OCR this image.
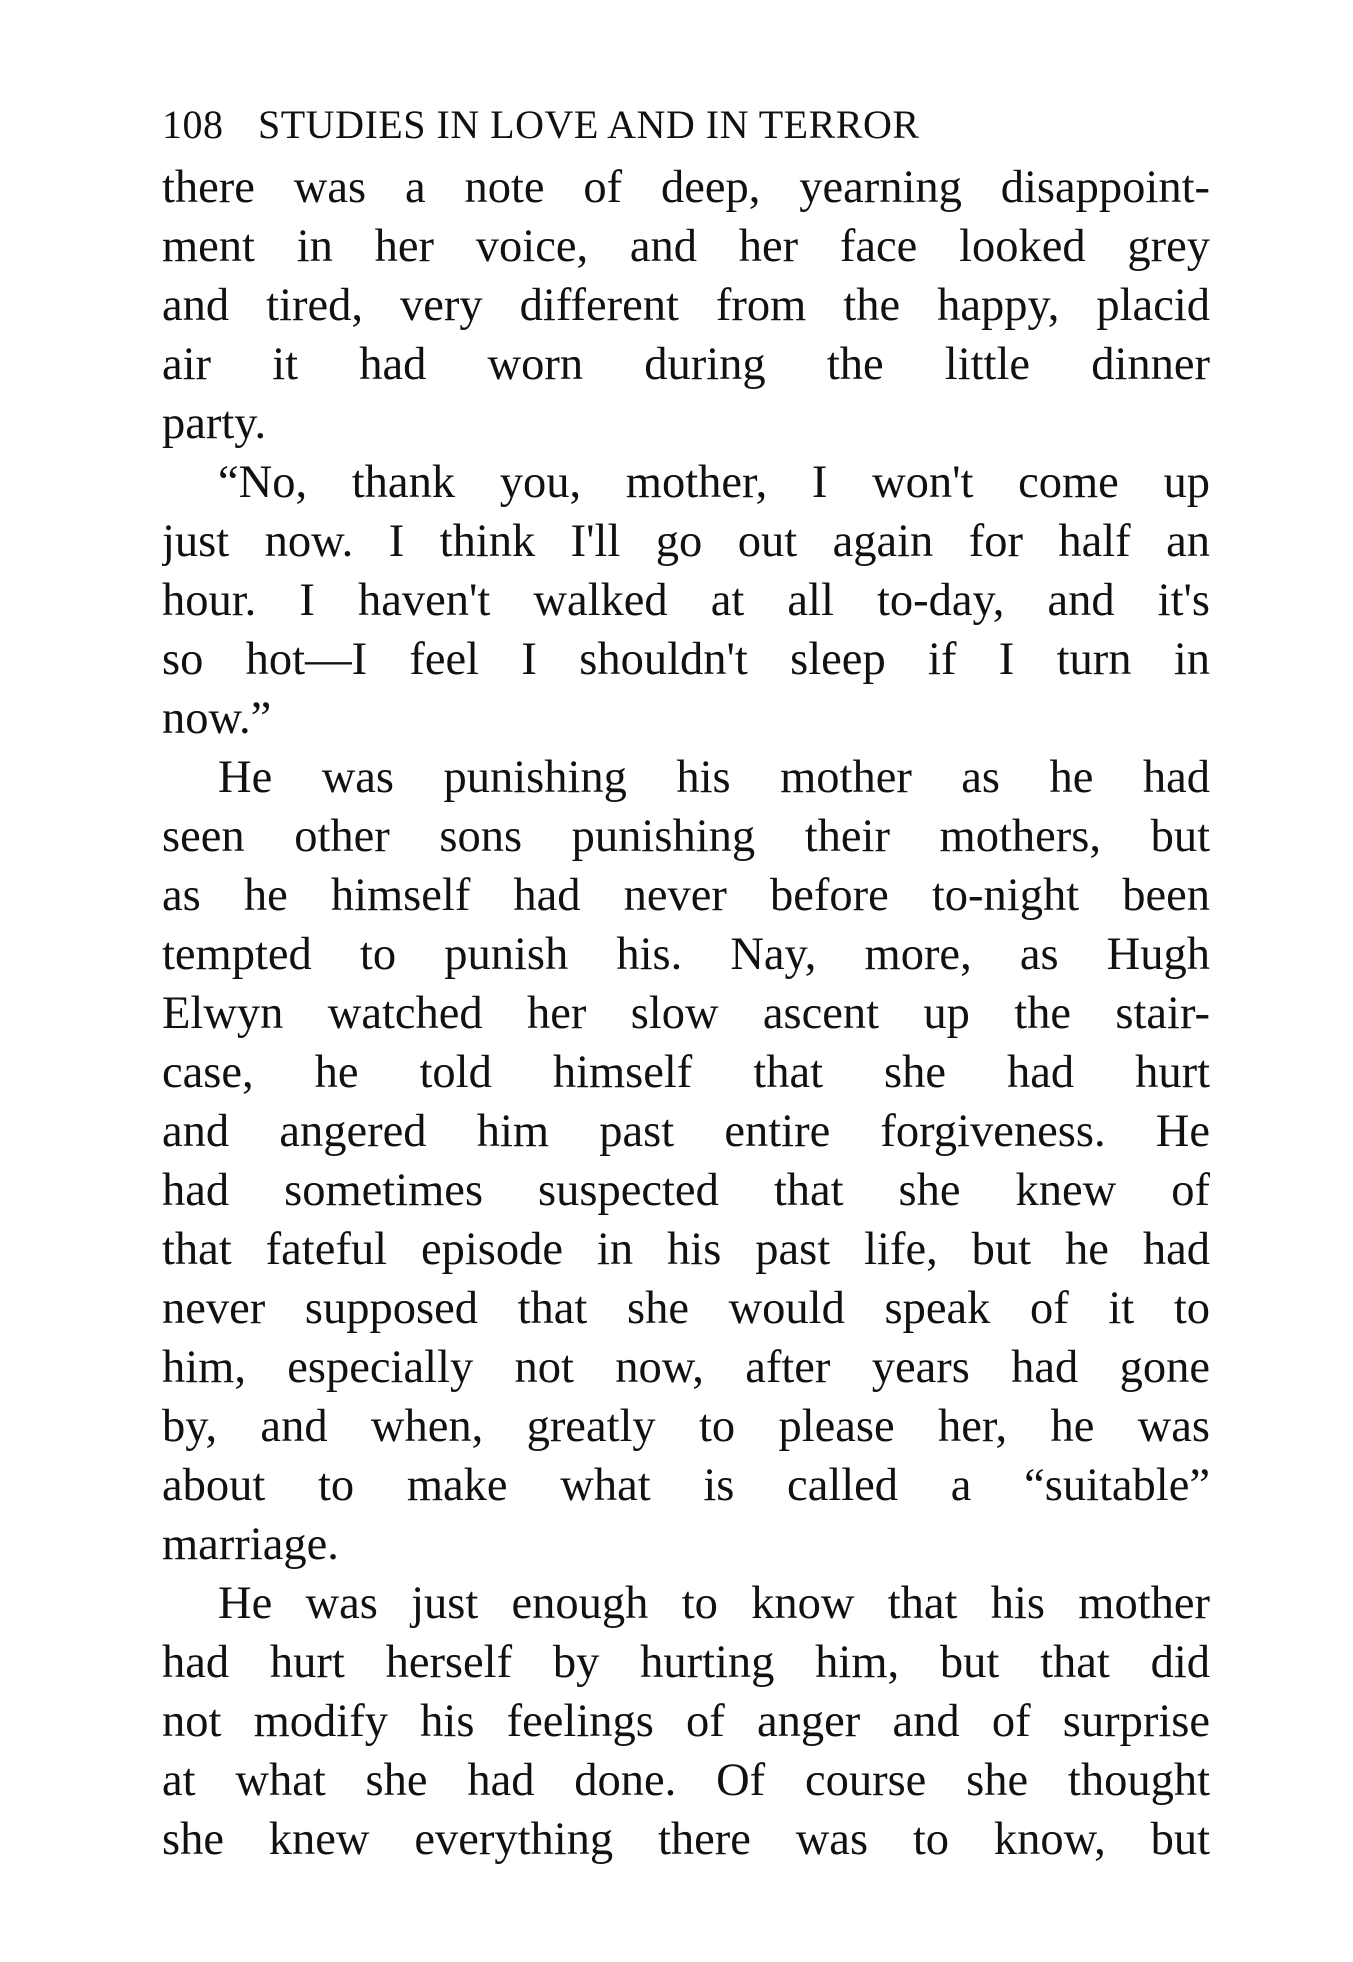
108 STUDIES IN LOVE AND IN TERROR
there was a note of deep, yearning disappoint-
ment in her voice, and her face looked grey
and tired, very different from the happy, placid
air it had worn during the little dinner
party.
“No, thank you, mother, I won't come up
just now. I think I'll go out again for half an
hour. I haven't walked at all to-day, and it's
so hot—I feel I shouldn't sleep if I turn in
now.”
He was punishing his mother as he had
seen other sons punishing their mothers, but
as he himself had never before to-night been
tempted to punish his. Nay, more, as Hugh
Elwyn watched her slow ascent up the stair-
case, he told himself that she had hurt
and angered him past entire forgiveness. He
had sometimes suspected that she knew of
that fateful episode in his past life, but he had
never supposed that she would speak of it to
him, especially not now, after years had gone
by, and when, greatly to please her, he was
about to make what is called a “suitable”
marriage.
He was just enough to know that his mother
had hurt herself by hurting him, but that did
not modify his feelings of anger and of surprise
at what she had done. Of course she thought
she knew everything there was to know, but
